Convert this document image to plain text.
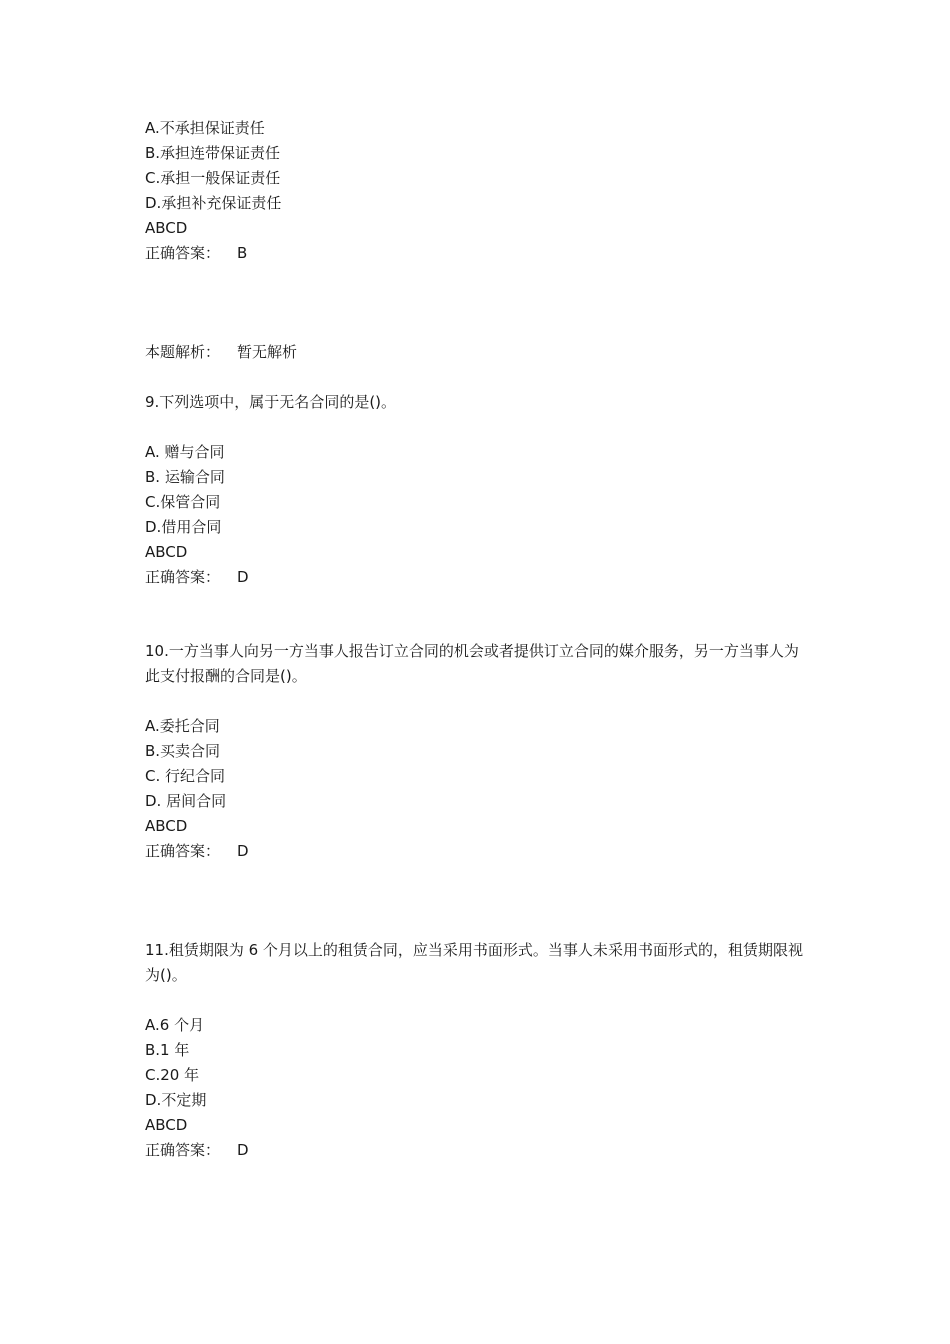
A.不承担保证责任
B.承担连带保证责任
C.承担一般保证责任
D.承担补充保证责任
ABCD
正确答案： B
本题解析： 暂无解析
9.下列选项中，属于无名合同的是()。
A. 赠与合同
B. 运输合同
C.保管合同
D.借用合同
ABCD
正确答案： D
10.一方当事人向另一方当事人报告订立合同的机会或者提供订立合同的媒介服务，另一方当事人为此支付报酬的合同是()。
A.委托合同
B.买卖合同
C. 行纪合同
D. 居间合同
ABCD
正确答案： D
11.租赁期限为 6 个月以上的租赁合同，应当采用书面形式。当事人未采用书面形式的，租赁期限视为()。
A.6 个月
B.1 年
C.20 年
D.不定期
ABCD
正确答案： D
